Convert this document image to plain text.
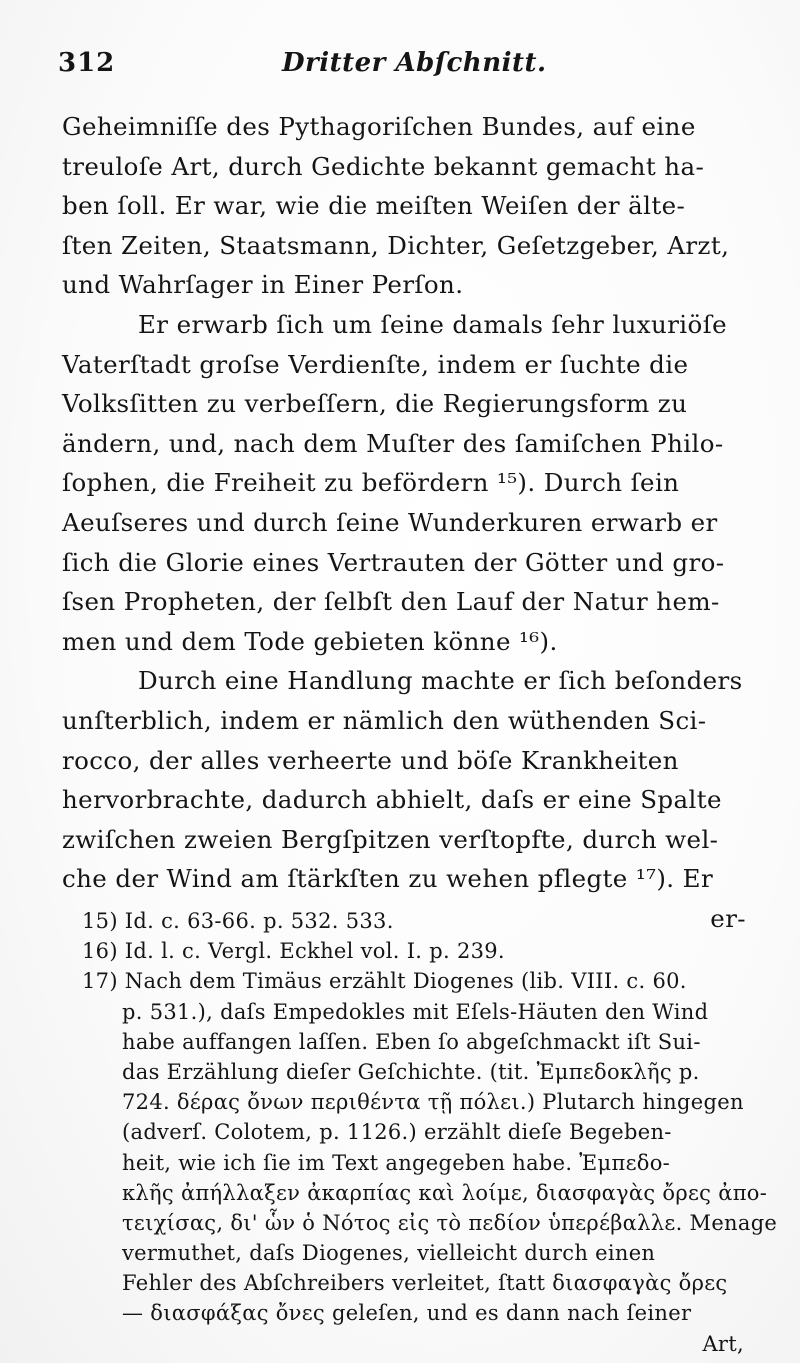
312	Dritter Abſchnitt.
Geheimniſſe des Pythagoriſchen Bundes, auf eine
treuloſe Art, durch Gedichte bekannt gemacht ha-
ben ſoll. Er war, wie die meiſten Weiſen der älte-
ſten Zeiten, Staatsmann, Dichter, Geſetzgeber, Arzt,
und Wahrſager in Einer Perſon.
Er erwarb ſich um ſeine damals ſehr luxuriöſe
Vaterſtadt groſse Verdienſte, indem er ſuchte die
Volksſitten zu verbeſſern, die Regierungsform zu
ändern, und, nach dem Muſter des ſamiſchen Philo-
ſophen, die Freiheit zu befördern ¹⁵). Durch ſein
Aeuſseres und durch ſeine Wunderkuren erwarb er
ſich die Glorie eines Vertrauten der Götter und gro-
ſsen Propheten, der ſelbſt den Lauf der Natur hem-
men und dem Tode gebieten könne ¹⁶).
Durch eine Handlung machte er ſich beſonders
unſterblich, indem er nämlich den wüthenden Sci-
rocco, der alles verheerte und böſe Krankheiten
hervorbrachte, dadurch abhielt, daſs er eine Spalte
zwiſchen zweien Bergſpitzen verſtopfte, durch wel-
che der Wind am ſtärkſten zu wehen pflegte ¹⁷). Er
er-
15) Id. c. 63-66. p. 532. 533.
16) Id. l. c. Vergl. Eckhel vol. I. p. 239.
17) Nach dem Timäus erzählt Diogenes (lib. VIII. c. 60.
p. 531.), daſs Empedokles mit Eſels-Häuten den Wind
habe auffangen laſſen. Eben ſo abgeſchmackt iſt Sui-
das Erzählung dieſer Geſchichte. (tit. Ἐμπεδοκλῆς p.
724. δέρας ὄνων περιθέντα τῇ πόλει.) Plutarch hingegen
(adverſ. Colotem, p. 1126.) erzählt dieſe Begeben-
heit, wie ich ſie im Text angegeben habe. Ἐμπεδο-
κλῆς ἀπήλλαξεν ἀκαρπίας καὶ λοίμε, διασφαγὰς ὄρες ἀπο-
τειχίσας, δι' ὧν ὁ Νότος εἰς τὸ πεδίον ὑπερέβαλλε. Menage
vermuthet, daſs Diogenes, vielleicht durch einen
Fehler des Abſchreibers verleitet, ſtatt διασφαγὰς ὄρες
— διασφάξας ὄνες geleſen, und es dann nach ſeiner
Art,
